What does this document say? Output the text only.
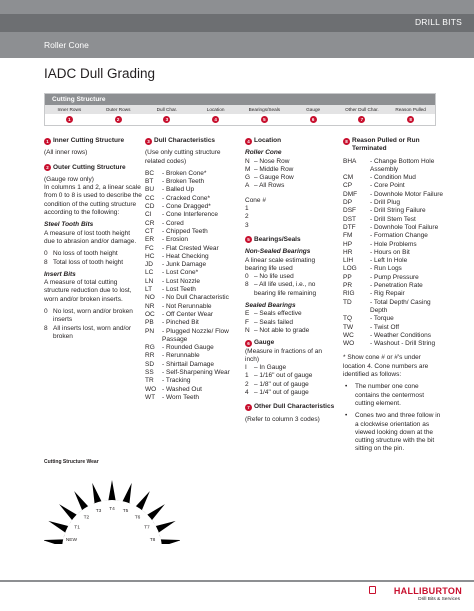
DRILL BITS
Roller Cone
IADC Dull Grading
Cutting Structure
Inner Rows	Outer Rows	Dull Char.	Location	Bearings/Seals	Gauge	Other Dull Char.	Reason Pulled
1	2	3	4	5	6	7	8
1 Inner Cutting Structure
(All inner rows)
2 Outer Cutting Structure
(Gauge row only)
In columns 1 and 2, a linear scale from 0 to 8 is used to describe the condition of the cutting structure according to the following:
Steel Tooth Bits
A measure of lost tooth height due to abrasion and/or damage.
0 No loss of tooth height
8 Total loss of tooth height
Insert Bits
A measure of total cutting structure reduction due to lost, worn and/or broken inserts.
0 No lost, worn and/or broken inserts
8 All inserts lost, worn and/or broken
3 Dull Characteristics
(Use only cutting structure related codes)
BC	- Broken Cone*
BT	- Broken Teeth
BU	- Balled Up
CC	- Cracked Cone*
CD	- Cone Dragged*
CI	- Cone Interference
CR	- Cored
CT	- Chipped Teeth
ER	- Erosion
FC	- Flat Crested Wear
HC	- Heat Checking
JD	- Junk Damage
LC	- Lost Cone*
LN	- Lost Nozzle
LT	- Lost Teeth
NO	- No Dull Characteristic
NR	- Not Rerunnable
OC	- Off Center Wear
PB	- Pinched Bit
PN	- Plugged Nozzle/ Flow Passage
RG	- Rounded Gauge
RR	- Rerunnable
SD	- Shirttail Damage
SS	- Self-Sharpening Wear
TR	- Tracking
WO - Washed Out
WT	- Worn Teeth
4 Location
Roller Cone
N – Nose Row
M – Middle Row
G – Gauge Row
A – All Rows
Cone #
1
2
3
5 Bearings/Seals
Non-Sealed Bearings
A linear scale estimating bearing life used
0 – No life used
8 – All life used, i.e., no bearing life remaining
Sealed Bearings
E – Seals effective
F – Seals failed
N – Not able to grade
6 Gauge
(Measure in fractions of an inch)
I	– In Gauge
1 – 1/16" out of gauge
2 – 1/8" out of gauge
4 – 1/4" out of gauge
7 Other Dull Characteristics
(Refer to column 3 codes)
8 Reason Pulled or Run Terminated
BHA	- Change Bottom Hole Assembly
CM	- Condition Mud
CP	- Core Point
DMF	- Downhole Motor Failure
DP	- Drill Plug
DSF	- Drill String Failure
DST	- Drill Stem Test
DTF	- Downhole Tool Failure
FM	- Formation Change
HP	- Hole Problems
HR	- Hours on Bit
LIH	- Left In Hole
LOG	- Run Logs
PP	- Pump Pressure
PR	- Penetration Rate
RIG	- Rig Repair
TD	- Total Depth/ Casing Depth
TQ	- Torque
TW	- Twist Off
WC	- Weather Conditions
WO	- Washout - Drill String
* Show cone # or #'s under location 4. Cone numbers are identified as follows:
•	The number one cone contains the centermost cutting element.
•	Cones two and three follow in a clockwise orientation as viewed looking down at the cutting structure with the bit sitting on the pin.
Cutting Structure Wear
NEW
T1
T2
T3 T4 T5
T6
T7
T8
HALLIBURTON
Drill Bits & Services
